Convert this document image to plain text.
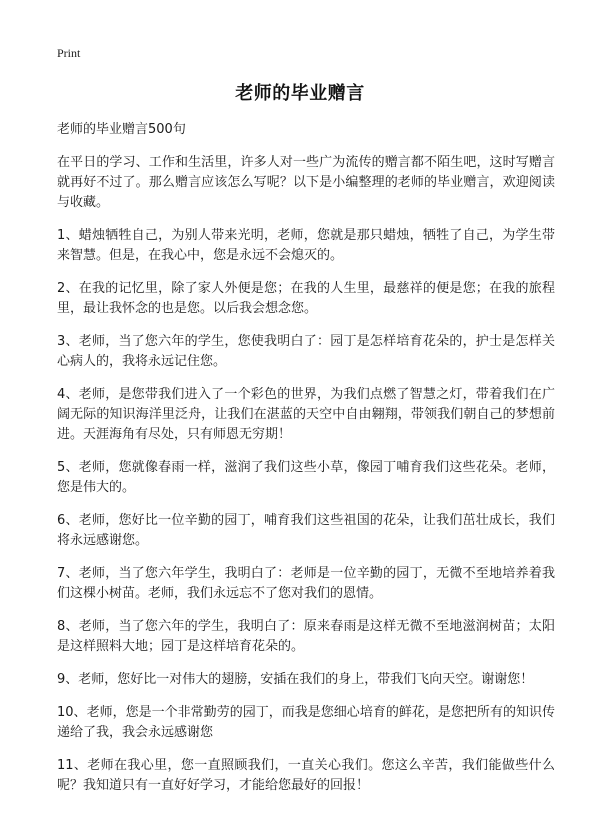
Print
老师的毕业赠言

老师的毕业赠言500句

在平日的学习、工作和生活里，许多人对一些广为流传的赠言都不陌生吧，这时写赠言就再好不过了。那么赠言应该怎么写呢？以下是小编整理的老师的毕业赠言，欢迎阅读与收藏。

1、蜡烛牺牲自己，为别人带来光明，老师，您就是那只蜡烛，牺牲了自己，为学生带来智慧。但是，在我心中，您是永远不会熄灭的。

2、在我的记忆里，除了家人外便是您；在我的人生里，最慈祥的便是您；在我的旅程里，最让我怀念的也是您。以后我会想念您。

3、老师，当了您六年的学生，您使我明白了：园丁是怎样培育花朵的，护士是怎样关心病人的，我将永远记住您。

4、老师，是您带我们进入了一个彩色的世界，为我们点燃了智慧之灯，带着我们在广阔无际的知识海洋里泛舟，让我们在湛蓝的天空中自由翱翔，带领我们朝自己的梦想前进。天涯海角有尽处，只有师恩无穷期！

5、老师，您就像春雨一样，滋润了我们这些小草，像园丁哺育我们这些花朵。老师，您是伟大的。

6、老师，您好比一位辛勤的园丁，哺育我们这些祖国的花朵，让我们茁壮成长，我们将永远感谢您。

7、老师，当了您六年学生，我明白了：老师是一位辛勤的园丁，无微不至地培养着我们这棵小树苗。老师，我们永远忘不了您对我们的恩情。

8、老师，当了您六年的学生，我明白了：原来春雨是这样无微不至地滋润树苗；太阳是这样照料大地；园丁是这样培育花朵的。

9、老师，您好比一对伟大的翅膀，安插在我们的身上，带我们飞向天空。谢谢您！

10、老师，您是一个非常勤劳的园丁，而我是您细心培育的鲜花，是您把所有的知识传递给了我，我会永远感谢您

11、老师在我心里，您一直照顾我们，一直关心我们。您这么辛苦，我们能做些什么呢？我知道只有一直好好学习，才能给您最好的回报！
